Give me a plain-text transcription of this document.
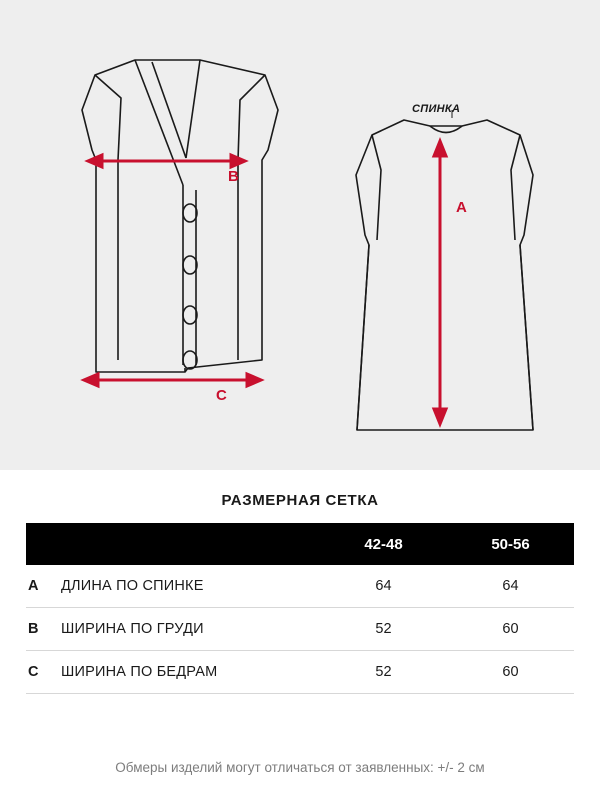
СПИНКА
B
C
A
РАЗМЕРНАЯ СЕТКА
		42-48	50-56
A	ДЛИНА ПО СПИНКЕ	64	64
B	ШИРИНА ПО ГРУДИ	52	60
C	ШИРИНА ПО БЕДРАМ	52	60
Обмеры изделий могут отличаться от заявленных: +/- 2 см
